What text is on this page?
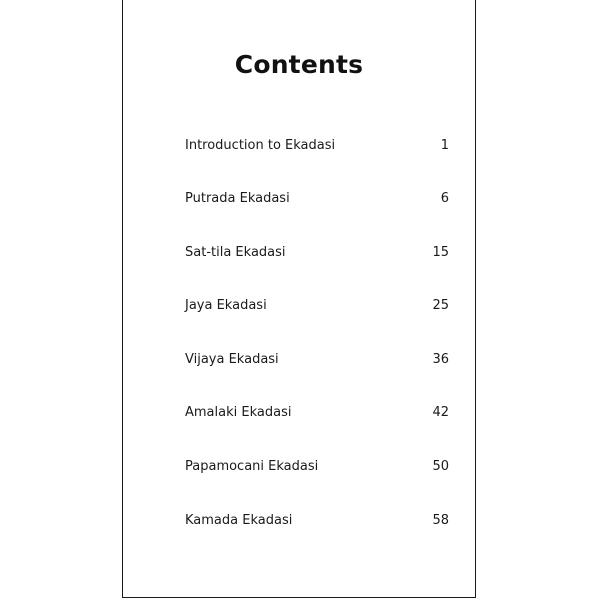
Contents
Introduction to Ekadasi	1
Putrada Ekadasi	6
Sat-tila Ekadasi	15
Jaya Ekadasi	25
Vijaya Ekadasi	36
Amalaki Ekadasi	42
Papamocani Ekadasi	50
Kamada Ekadasi	58
